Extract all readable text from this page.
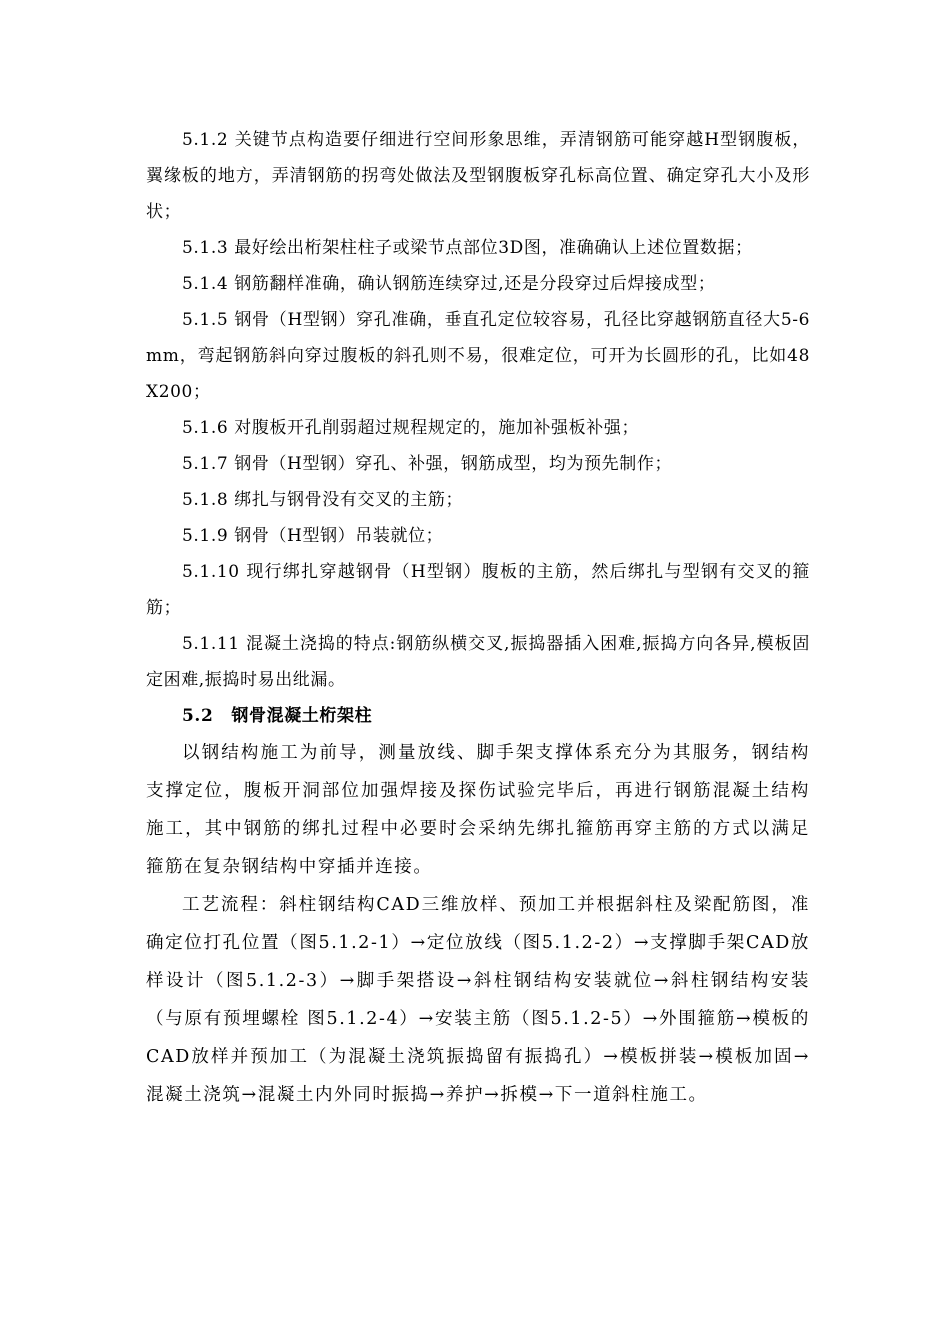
5.1.2 关键节点构造要仔细进行空间形象思维，弄清钢筋可能穿越H型钢腹板，翼缘板的地方，弄清钢筋的拐弯处做法及型钢腹板穿孔标高位置、确定穿孔大小及形状；

5.1.3 最好绘出桁架柱柱子或梁节点部位3D图，准确确认上述位置数据；

5.1.4 钢筋翻样准确，确认钢筋连续穿过,还是分段穿过后焊接成型；

5.1.5 钢骨（H型钢）穿孔准确，垂直孔定位较容易，孔径比穿越钢筋直径大5-6mm，弯起钢筋斜向穿过腹板的斜孔则不易，很难定位，可开为长圆形的孔，比如48X200；

5.1.6 对腹板开孔削弱超过规程规定的，施加补强板补强；

5.1.7 钢骨（H型钢）穿孔、补强，钢筋成型，均为预先制作；

5.1.8 绑扎与钢骨没有交叉的主筋；

5.1.9 钢骨（H型钢）吊装就位；

5.1.10 现行绑扎穿越钢骨（H型钢）腹板的主筋，然后绑扎与型钢有交叉的箍筋；

5.1.11 混凝土浇捣的特点:钢筋纵横交叉,振捣器插入困难,振捣方向各异,模板固定困难,振捣时易出纰漏。

5.2 钢骨混凝土桁架柱

以钢结构施工为前导，测量放线、脚手架支撑体系充分为其服务，钢结构支撑定位，腹板开洞部位加强焊接及探伤试验完毕后，再进行钢筋混凝土结构施工，其中钢筋的绑扎过程中必要时会采纳先绑扎箍筋再穿主筋的方式以满足箍筋在复杂钢结构中穿插并连接。

工艺流程：斜柱钢结构CAD三维放样、预加工并根据斜柱及梁配筋图，准确定位打孔位置（图5.1.2-1）→定位放线（图5.1.2-2）→支撑脚手架CAD放样设计（图5.1.2-3）→脚手架搭设→斜柱钢结构安装就位→斜柱钢结构安装（与原有预埋螺栓 图5.1.2-4）→安装主筋（图5.1.2-5）→外围箍筋→模板的CAD放样并预加工（为混凝土浇筑振捣留有振捣孔）→模板拼装→模板加固→混凝土浇筑→混凝土内外同时振捣→养护→拆模→下一道斜柱施工。
